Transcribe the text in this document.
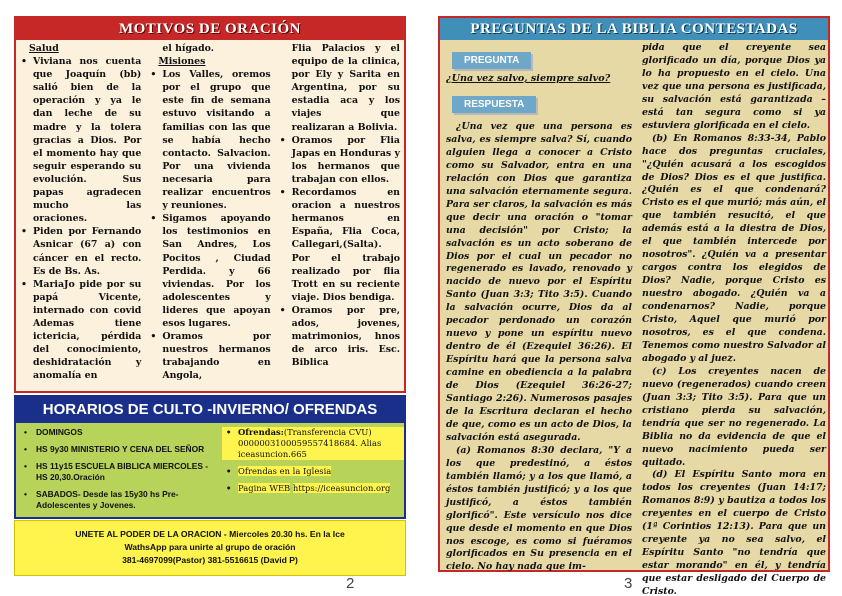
MOTIVOS DE ORACIÓN
Salud
• Viviana nos cuenta que Joaquín (bb) salió bien de la operación y ya le dan leche de su madre y la tolera gracias a Dios. Por el momento hay que seguir esperando su evolución. Sus papas agradecen mucho las oraciones.
• Piden por Fernando Asnicar (67 a) con cáncer en el recto. Es de Bs. As.
• MariaJo pide por su papá Vicente, internado con covid Ademas tiene ictericia, pérdida del conocimiento, deshidratación y anomalía en
el hígado.
Misiones
• Los Valles, oremos por el grupo que este fin de semana estuvo visitando a familias con las que se había hecho contacto. Salvacion. Por una vivienda necesaria para realizar encuentros y reuniones.
• Sigamos apoyando los testimonios en San Andres, Los Pocitos , Ciudad Perdida. y 66 viviendas. Por los adolescentes y lideres que apoyan esos lugares.
• Oramos por nuestros hermanos trabajando en Angola,
Flia Palacios y el equipo de la clinica, por Ely y Sarita en Argentina, por su estadia aca y los viajes que realizaran a Bolivia.
• Oramos por Flia Japas en Honduras y los hermanos que trabajan con ellos.
• Recordamos en oracion a nuestros hermanos en España, Flia Coca, Callegari,(Salta). Por el trabajo realizado por flia Trott en su reciente viaje. Dios bendiga.
• Oramos por pre, ados, jovenes, matrimonios, hnos de arco iris. Esc. Biblica
HORARIOS DE CULTO -INVIERNO/ OFRENDAS
• DOMINGOS
• HS 9y30 MINISTERIO Y CENA DEL SEÑOR
• HS 11y15 ESCUELA BIBLICA MIERCOLES - HS 20,30.Oración
• SABADOS- Desde las 15y30 hs Pre-Adolescentes y Jovenes.
• Ofrendas:(Transferencia CVU) 0000003100059557418684. Alias iceasuncion.665
• Ofrendas en la Iglesia
• Pagina WEB https://iceasuncion.org
UNETE AL PODER DE LA ORACION - Miercoles 20.30 hs. En la Ice
WathsApp para unirte al grupo de oración
381-4697099(Pastor) 381-5516615 (David P)
2
PREGUNTAS DE LA BIBLIA CONTESTADAS
PREGUNTA
¿Una vez salvo, siempre salvo?
RESPUESTA

¿Una vez que una persona es salva, es siempre salva? Sí, cuando alguien llega a conocer a Cristo como su Salvador, entra en una relación con Dios que garantiza una salvación eternamente segura. Para ser claros, la salvación es más que decir una oración o "tomar una decisión" por Cristo; la salvación es un acto soberano de Dios por el cual un pecador no regenerado es lavado, renovado y nacido de nuevo por el Espíritu Santo (Juan 3:3; Tito 3:5). Cuando la salvación ocurre, Dios da al pecador perdonado un corazón nuevo y pone un espíritu nuevo dentro de él (Ezequiel 36:26). El Espíritu hará que la persona salva camine en obediencia a la palabra de Dios (Ezequiel 36:26-27; Santiago 2:26). Numerosos pasajes de la Escritura declaran el hecho de que, como es un acto de Dios, la salvación está asegurada.

(a) Romanos 8:30 declara, "Y a los que predestinó, a éstos también llamó; y a los que llamó, a éstos también justificó; y a los que justificó, a éstos también glorificó". Este versículo nos dice que desde el momento en que Dios nos escoge, es como si fuéramos glorificados en Su presencia en el cielo. No hay nada que im-

pida que el creyente sea glorificado un día, porque Dios ya lo ha propuesto en el cielo. Una vez que una persona es justificada, su salvación está garantizada – está tan segura como si ya estuviera glorificada en el cielo.

(b) En Romanos 8:33-34, Pablo hace dos preguntas cruciales, "¿Quién acusará a los escogidos de Dios? Dios es el que justifica. ¿Quién es el que condenará? Cristo es el que murió; más aún, el que también resucitó, el que además está a la diestra de Dios, el que también intercede por nosotros". ¿Quién va a presentar cargos contra los elegidos de Dios? Nadie, porque Cristo es nuestro abogado. ¿Quién va a condenarnos? Nadie, porque Cristo, Aquel que murió por nosotros, es el que condena. Tenemos como nuestro Salvador al abogado y al juez.

(c) Los creyentes nacen de nuevo (regenerados) cuando creen (Juan 3:3; Tito 3:5). Para que un cristiano pierda su salvación, tendría que ser no regenerado. La Biblia no da evidencia de que el nuevo nacimiento pueda ser quitado.

(d) El Espíritu Santo mora en todos los creyentes (Juan 14:17; Romanos 8:9) y bautiza a todos los creyentes en el cuerpo de Cristo (1ª Corintios 12:13). Para que un creyente ya no sea salvo, el Espíritu Santo "no tendría que estar morando" en él, y tendría que estar desligado del Cuerpo de Cristo.

3
